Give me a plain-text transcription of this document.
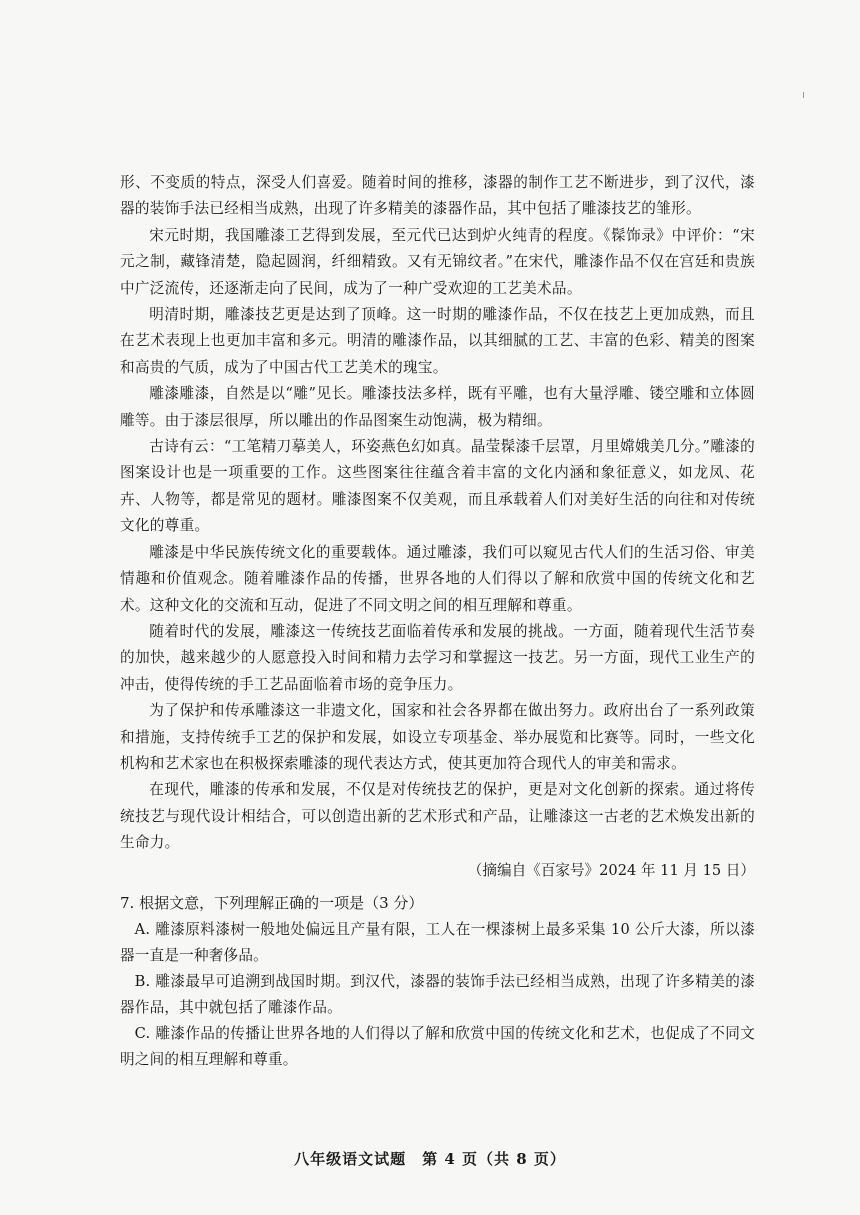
形、不变质的特点，深受人们喜爱。随着时间的推移，漆器的制作工艺不断进步，到了汉代，漆器的装饰手法已经相当成熟，出现了许多精美的漆器作品，其中包括了雕漆技艺的雏形。

宋元时期，我国雕漆工艺得到发展，至元代已达到炉火纯青的程度。《髹饰录》中评价：“宋元之制，藏锋清楚，隐起圆润，纤细精致。又有无锦纹者。”在宋代，雕漆作品不仅在宫廷和贵族中广泛流传，还逐渐走向了民间，成为了一种广受欢迎的工艺美术品。

明清时期，雕漆技艺更是达到了顶峰。这一时期的雕漆作品，不仅在技艺上更加成熟，而且在艺术表现上也更加丰富和多元。明清的雕漆作品，以其细腻的工艺、丰富的色彩、精美的图案和高贵的气质，成为了中国古代工艺美术的瑰宝。

雕漆雕漆，自然是以“雕”见长。雕漆技法多样，既有平雕，也有大量浮雕、镂空雕和立体圆雕等。由于漆层很厚，所以雕出的作品图案生动饱满，极为精细。

古诗有云：“工笔精刀摹美人，环姿燕色幻如真。晶莹髹漆千层罩，月里嫦娥美几分。”雕漆的图案设计也是一项重要的工作。这些图案往往蕴含着丰富的文化内涵和象征意义，如龙凤、花卉、人物等，都是常见的题材。雕漆图案不仅美观，而且承载着人们对美好生活的向往和对传统文化的尊重。

雕漆是中华民族传统文化的重要载体。通过雕漆，我们可以窥见古代人们的生活习俗、审美情趣和价值观念。随着雕漆作品的传播，世界各地的人们得以了解和欣赏中国的传统文化和艺术。这种文化的交流和互动，促进了不同文明之间的相互理解和尊重。

随着时代的发展，雕漆这一传统技艺面临着传承和发展的挑战。一方面，随着现代生活节奏的加快，越来越少的人愿意投入时间和精力去学习和掌握这一技艺。另一方面，现代工业生产的冲击，使得传统的手工艺品面临着市场的竞争压力。

为了保护和传承雕漆这一非遗文化，国家和社会各界都在做出努力。政府出台了一系列政策和措施，支持传统手工艺的保护和发展，如设立专项基金、举办展览和比赛等。同时，一些文化机构和艺术家也在积极探索雕漆的现代表达方式，使其更加符合现代人的审美和需求。

在现代，雕漆的传承和发展，不仅是对传统技艺的保护，更是对文化创新的探索。通过将传统技艺与现代设计相结合，可以创造出新的艺术形式和产品，让雕漆这一古老的艺术焕发出新的生命力。

（摘编自《百家号》2024 年 11 月 15 日）

7. 根据文意，下列理解正确的一项是（3 分）

A. 雕漆原料漆树一般地处偏远且产量有限，工人在一棵漆树上最多采集 10 公斤大漆，所以漆器一直是一种奢侈品。

B. 雕漆最早可追溯到战国时期。到汉代，漆器的装饰手法已经相当成熟，出现了许多精美的漆器作品，其中就包括了雕漆作品。

C. 雕漆作品的传播让世界各地的人们得以了解和欣赏中国的传统文化和艺术，也促成了不同文明之间的相互理解和尊重。

八年级语文试题　第 4 页（共 8 页）
